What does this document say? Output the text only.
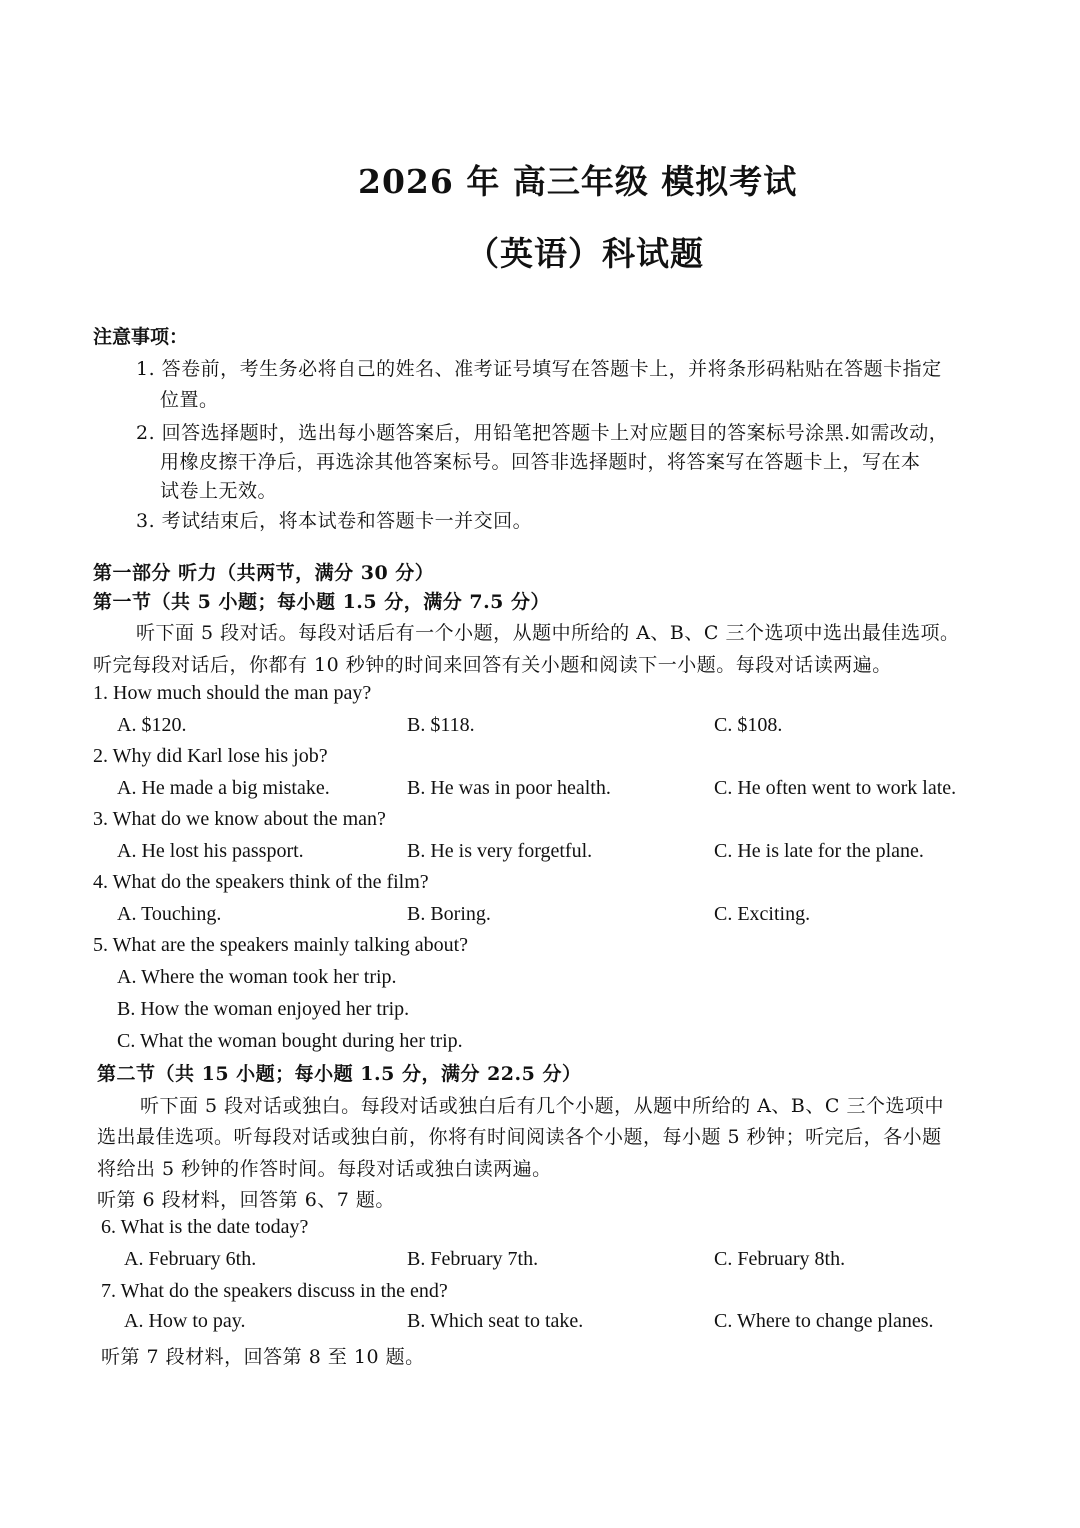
2026 年 高三年级 模拟考试
（英语）科试题
注意事项：
1. 答卷前，考生务必将自己的姓名、准考证号填写在答题卡上，并将条形码粘贴在答题卡指定
位置。
2. 回答选择题时，选出每小题答案后，用铅笔把答题卡上对应题目的答案标号涂黑.如需改动，
用橡皮擦干净后，再选涂其他答案标号。回答非选择题时，将答案写在答题卡上，写在本
试卷上无效。
3. 考试结束后，将本试卷和答题卡一并交回。
第一部分 听力（共两节，满分 30 分）
第一节（共 5 小题；每小题 1.5 分，满分 7.5 分）
听下面 5 段对话。每段对话后有一个小题，从题中所给的 A、B、C 三个选项中选出最佳选项。
听完每段对话后，你都有 10 秒钟的时间来回答有关小题和阅读下一小题。每段对话读两遍。
1. How much should the man pay?
A. $120.	B. $118.	C. $108.
2. Why did Karl lose his job?
A. He made a big mistake.	B. He was in poor health.	C. He often went to work late.
3. What do we know about the man?
A. He lost his passport.	B. He is very forgetful.	C. He is late for the plane.
4. What do the speakers think of the film?
A. Touching.	B. Boring.	C. Exciting.
5. What are the speakers mainly talking about?
A. Where the woman took her trip.
B. How the woman enjoyed her trip.
C. What the woman bought during her trip.
第二节（共 15 小题；每小题 1.5 分，满分 22.5 分）
听下面 5 段对话或独白。每段对话或独白后有几个小题，从题中所给的 A、B、C 三个选项中
选出最佳选项。听每段对话或独白前，你将有时间阅读各个小题，每小题 5 秒钟；听完后，各小题
将给出 5 秒钟的作答时间。每段对话或独白读两遍。
听第 6 段材料，回答第 6、7 题。
6. What is the date today?
A. February 6th.	B. February 7th.	C. February 8th.
7. What do the speakers discuss in the end?
A. How to pay.	B. Which seat to take.	C. Where to change planes.
听第 7 段材料，回答第 8 至 10 题。
